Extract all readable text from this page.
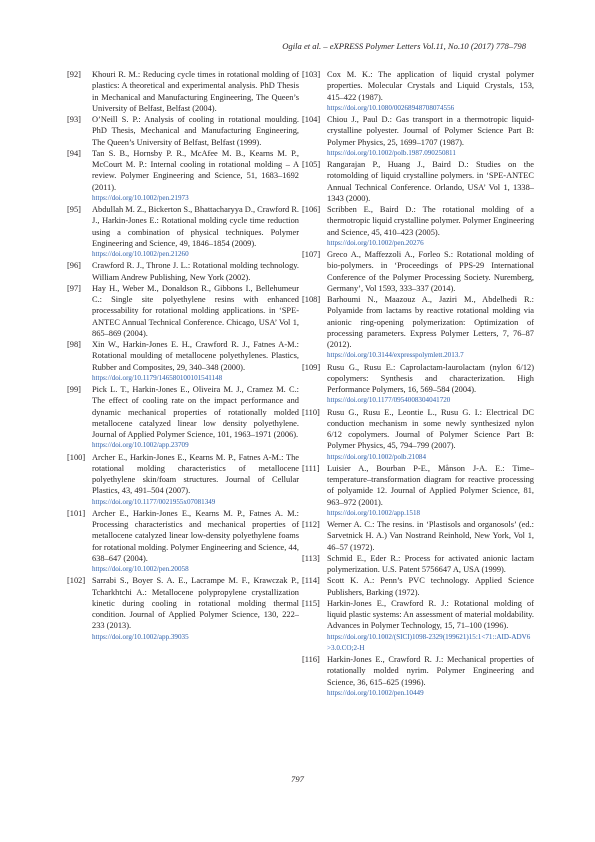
Ogila et al. – eXPRESS Polymer Letters Vol.11, No.10 (2017) 778–798
[92]	Khouri R. M.: Reducing cycle times in rotational molding of plastics: A theoretical and experimental analysis. PhD Thesis in Mechanical and Manufacturing Engineering, The Queen’s University of Belfast, Belfast (2004).
[93]	O’Neill S. P.: Analysis of cooling in rotational moulding. PhD Thesis, Mechanical and Manufacturing Engineering, The Queen’s University of Belfast, Belfast (1999).
[94]	Tan S. B., Hornsby P. R., McAfee M. B., Kearns M. P., McCourt M. P.: Internal cooling in rotational molding – A review. Polymer Engineering and Science, 51, 1683–1692 (2011).
https://doi.org/10.1002/pen.21973
[95]	Abdullah M. Z., Bickerton S., Bhattacharyya D., Crawford R. J., Harkin-Jones E.: Rotational molding cycle time reduction using a combination of physical techniques. Polymer Engineering and Science, 49, 1846–1854 (2009).
https://doi.org/10.1002/pen.21260
[96]	Crawford R. J., Throne J. L.: Rotational molding technology. William Andrew Publishing, New York (2002).
[97]	Hay H., Weber M., Donaldson R., Gibbons I., Bellehumeur C.: Single site polyethylene resins with enhanced processability for rotational molding applications. in ‘SPE-ANTEC Annual Technical Conference. Chicago, USA’ Vol 1, 865–869 (2004).
[98]	Xin W., Harkin-Jones E. H., Crawford R. J., Fatnes A-M.: Rotational moulding of metallocene polyethylenes. Plastics, Rubber and Composites, 29, 340–348 (2000).
https://doi.org/10.1179/146580100101541148
[99]	Pick L. T., Harkin-Jones E., Oliveira M. J., Cramez M. C.: The effect of cooling rate on the impact performance and dynamic mechanical properties of rotationally molded metallocene catalyzed linear low density polyethylene. Journal of Applied Polymer Science, 101, 1963–1971 (2006).
https://doi.org/10.1002/app.23709
[100] Archer E., Harkin-Jones E., Kearns M. P., Fatnes A-M.: The rotational molding characteristics of metallocene polyethylene skin/foam structures. Journal of Cellular Plastics, 43, 491–504 (2007).
https://doi.org/10.1177/0021955x07081349
[101] Archer E., Harkin-Jones E., Kearns M. P., Fatnes A. M.: Processing characteristics and mechanical properties of metallocene catalyzed linear low-density polyethylene foams for rotational molding. Polymer Engineering and Science, 44, 638–647 (2004).
https://doi.org/10.1002/pen.20058
[102] Sarrabi S., Boyer S. A. E., Lacrampe M. F., Krawczak P., Tcharkhtchi A.: Metallocene polypropylene crystallization kinetic during cooling in rotational molding thermal condition. Journal of Applied Polymer Science, 130, 222–233 (2013).
https://doi.org/10.1002/app.39035
[103] Cox M. K.: The application of liquid crystal polymer properties. Molecular Crystals and Liquid Crystals, 153, 415–422 (1987).
https://doi.org/10.1080/00268948708074556
[104] Chiou J., Paul D.: Gas transport in a thermotropic liquid-crystalline polyester. Journal of Polymer Science Part B: Polymer Physics, 25, 1699–1707 (1987).
https://doi.org/10.1002/polb.1987.090250811
[105] Rangarajan P., Huang J., Baird D.: Studies on the rotomolding of liquid crystalline polymers. in ‘SPE-ANTEC Annual Technical Conference. Orlando, USA’ Vol 1, 1338–1343 (2000).
[106] Scribben E., Baird D.: The rotational molding of a thermotropic liquid crystalline polymer. Polymer Engineering and Science, 45, 410–423 (2005).
https://doi.org/10.1002/pen.20276
[107] Greco A., Maffezzoli A., Forleo S.: Rotational molding of bio-polymers. in ‘Proceedings of PPS-29 International Conference of the Polymer Processing Society. Nuremberg, Germany’, Vol 1593, 333–337 (2014).
[108] Barhoumi N., Maazouz A., Jaziri M., Abdelhedi R.: Polyamide from lactams by reactive rotational molding via anionic ring-opening polymerization: Optimization of processing parameters. Express Polymer Letters, 7, 76–87 (2012).
https://doi.org/10.3144/expresspolymlett.2013.7
[109] Rusu G., Rusu E.: Caprolactam-laurolactam (nylon 6/12) copolymers: Synthesis and characterization. High Performance Polymers, 16, 569–584 (2004).
https://doi.org/10.1177/0954008304041720
[110] Rusu G., Rusu E., Leontie L., Rusu G. I.: Electrical DC conduction mechanism in some newly synthesized nylon 6/12 copolymers. Journal of Polymer Science Part B: Polymer Physics, 45, 794–799 (2007).
https://doi.org/10.1002/polb.21084
[111] Luisier A., Bourban P-E., Månson J-A. E.: Time–temperature–transformation diagram for reactive processing of polyamide 12. Journal of Applied Polymer Science, 81, 963–972 (2001).
https://doi.org/10.1002/app.1518
[112] Werner A. C.: The resins. in ‘Plastisols and organosols’ (ed.: Sarvetnick H. A.) Van Nostrand Reinhold, New York, Vol 1, 46–57 (1972).
[113] Schmid E., Eder R.: Process for activated anionic lactam polymerization. U.S. Patent 5756647 A, USA (1999).
[114] Scott K. A.: Penn’s PVC technology. Applied Science Publishers, Barking (1972).
[115] Harkin-Jones E., Crawford R. J.: Rotational molding of liquid plastic systems: An assessment of material moldability. Advances in Polymer Technology, 15, 71–100 (1996).
https://doi.org/10.1002/(SICI)1098-2329(199621)15:1<71::AID-ADV6>3.0.CO;2-H
[116] Harkin-Jones E., Crawford R. J.: Mechanical properties of rotationally molded nyrim. Polymer Engineering and Science, 36, 615–625 (1996).
https://doi.org/10.1002/pen.10449
797
